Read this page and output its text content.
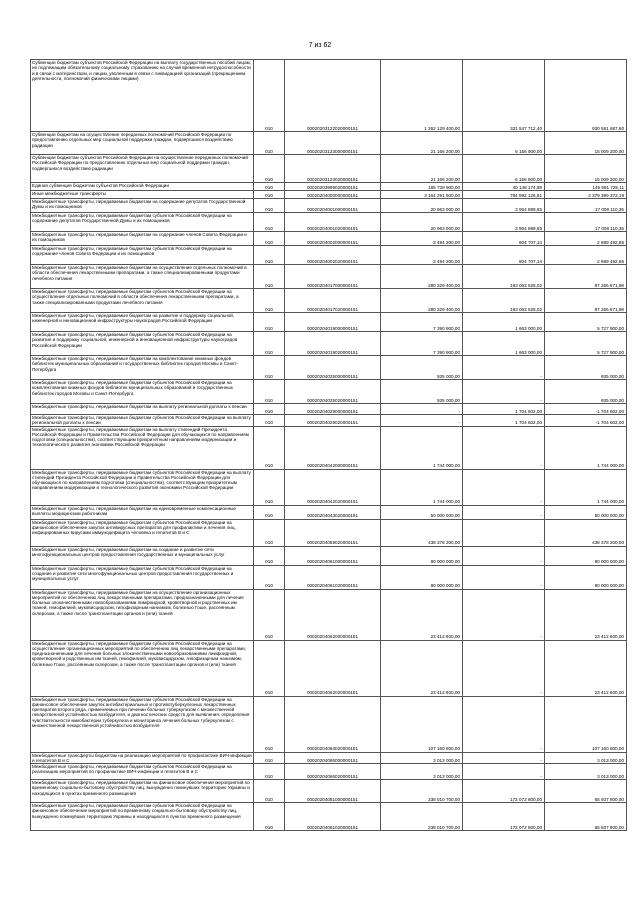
7 из 62
Субвенции бюджетам субъектов Российской Федерации на выплату государственных пособий лицам, не подлежащим обязательному социальному страхованию на случай временной нетрудоспособности и в связи с материнством, и лицам, уволенным в связи с ликвидацией организаций (прекращением деятельности, полномочий физическими лицами)	010	00020203122020000151	1 262 129 400,00	331 547 712,40	930 581 687,60
Субвенции бюджетам на осуществление переданных полномочий Российской Федерации по предоставлению отдельных мер социальной поддержки граждан, подвергшихся воздействию радиации	010	00020203123000000151	21 166 200,00	6 156 900,00	15 009 300,00
Субвенции бюджетам субъектов Российской Федерации на осуществление переданных полномочий Российской Федерации по предоставлению отдельных мер социальной поддержки граждан, подвергшихся воздействию радиации	010	00020203123020000151	21 166 200,00	6 156 900,00	15 009 300,00
Единая субвенция бюджетам субъектов Российской Федерации	010	00020203999020000151	185 739 900,00	40 148 174,89	145 591 725,11
Иные межбюджетные трансферты	010	00020204000000000151	3 164 291 500,00	784 892 126,81	2 379 399 373,19
Межбюджетные трансферты, передаваемые бюджетам на содержание депутатов Государственной Думы и их помощников	010	00020204001000000151	20 963 000,00	3 954 889,65	17 008 110,35
Межбюджетные трансферты, передаваемые бюджетам субъектов Российской Федерации на содержание депутатов Государственной Думы и их помощников	010	00020204001020000151	20 963 000,00	3 954 889,65	17 008 110,35
Межбюджетные трансферты, передаваемые бюджетам на содержание членов Совета Федерации и их помощников	010	00020204002000000151	3 494 200,00	804 707,14	2 689 492,86
Межбюджетные трансферты, передаваемые бюджетам субъектов Российской Федерации на содержание членов Совета Федерации и их помощников	010	00020204002020000151	3 494 200,00	804 707,14	2 689 492,86
Межбюджетные трансферты, передаваемые бюджетам на осуществление отдельных полномочий в области обеспечения лекарственными препаратами, а также специализированными продуктами лечебного питания	010	00020204017000000151	280 329 400,00	193 063 528,02	87 265 871,98
Межбюджетные трансферты, передаваемые бюджетам субъектов Российской Федерации на осуществление отдельных полномочий в области обеспечения лекарственными препаратами, а также специализированными продуктами лечебного питания	010	00020204017020000151	280 329 400,00	193 063 528,02	87 265 871,98
Межбюджетные трансферты, передаваемые бюджетам на развитие и поддержку социальной, инженерной и инновационной инфраструктуры наукоградов Российской Федерации	010	00020204019000000151	7 390 900,00	1 663 000,00	5 727 900,00
Межбюджетные трансферты, передаваемые бюджетам субъектов Российской Федерации на развитие и поддержку социальной, инженерной и инновационной инфраструктуры наукоградов Российской Федерации	010	00020204019020000151	7 390 900,00	1 663 000,00	5 727 900,00
Межбюджетные трансферты, передаваемые бюджетам на комплектование книжных фондов библиотек муниципальных образований и государственных библиотек городов Москвы и Санкт-Петербурга	010	00020204025000000151	935 000,00	-	935 000,00
Межбюджетные трансферты, передаваемые бюджетам субъектов Российской Федерации на комплектование книжных фондов библиотек муниципальных образований и государственных библиотек городов Москвы и Санкт-Петербурга	010	00020204025020000151	935 000,00	-	935 000,00
Межбюджетные трансферты, передаваемые бюджетам на выплату региональной доплаты к пенсии	010	00020204029000000151	-	1 704 602,00	-1 704 602,00
Межбюджетные трансферты, передаваемые бюджетам субъектов Российской Федерации на выплату региональной доплаты к пенсии	010	00020204029020000151	-	1 704 602,00	-1 704 602,00
Межбюджетные трансферты, передаваемые бюджетам на выплату стипендий Президента Российской Федерации и Правительства Российской Федерации для обучающихся по направлениям подготовки (специальностям), соответствующим приоритетным направлениям модернизации и технологического развития экономики Российской Федерации	010	00020204042000000151	1 744 000,00	-	1 744 000,00
Межбюджетные трансферты, передаваемые бюджетам субъектов Российской Федерации на выплату стипендий Президента Российской Федерации и Правительства Российской Федерации для обучающихся по направлениям подготовки (специальностям), соответствующим приоритетным направлениям модернизации и технологического развития экономики Российской Федерации	010	00020204042020000151	1 744 000,00	-	1 744 000,00
Межбюджетные трансферты, передаваемые бюджетам на единовременные компенсационные выплаты медицинским работникам	010	00020204043020000151	50 000 000,00	-	50 000 000,00
Межбюджетные трансферты, передаваемые бюджетам субъектов Российской Федерации на финансовое обеспечение закупок антивирусных препаратов для профилактики и лечения лиц, инфицированных вирусами иммунодефицита человека и гепатитов B и C	010	00020204059020000151	438 378 200,00	-	438 378 200,00
Межбюджетные трансферты, передаваемые бюджетам на создание и развитие сети многофункциональных центров предоставления государственных и муниципальных услуг	010	00020204061000000151	80 000 000,00	-	80 000 000,00
Межбюджетные трансферты, передаваемые бюджетам субъектов Российской Федерации на создание и развитие сети многофункциональных центров предоставления государственных и муниципальных услуг	010	00020204061020000151	80 000 000,00	-	80 000 000,00
Межбюджетные трансферты, передаваемые бюджетам на осуществление организационных мероприятий по обеспечению лиц лекарственными препаратами, предназначенными для лечения больных злокачественными новообразованиями лимфоидной, кроветворной и родственных им тканей, гемофилией, муковисцидозом, гипофизарным нанизмом, болезнью Гоше, рассеянным склерозом, а также после трансплантации органов и (или) тканей	010	00020204062000000151	23 412 600,00	-	23 412 600,00
Межбюджетные трансферты, передаваемые бюджетам субъектов Российской Федерации на осуществление организационных мероприятий по обеспечению лиц лекарственными препаратами, предназначенными для лечения больных злокачественными новообразованиями лимфоидной, кроветворной и родственных им тканей, гемофилией, муковисцидозом, гипофизарным нанизмом, болезнью Гоше, рассеянным склерозом, а также после трансплантации органов и (или) тканей	010	00020204062020000151	23 412 600,00	-	23 412 600,00
Межбюджетные трансферты, передаваемые бюджетам субъектов Российской Федерации на финансовое обеспечение закупок антибактериальных и противотуберкулезных лекарственных препаратов второго ряда, применяемых при лечении больных туберкулезом с множественной лекарственной устойчивостью возбудителя, и диагностических средств для выявления, определения чувствительности микобактерии туберкулеза и мониторинга лечения больных туберкулезом с множественной лекарственной устойчивостью возбудителя	010	00020204064020000151	107 160 800,00	-	107 160 800,00
Межбюджетные трансферты бюджетам на реализацию мероприятий по профилактике ВИЧ-инфекции и гепатитов B и C	010	00020204066000000151	3 013 000,00	-	3 013 000,00
Межбюджетные трансферты, передаваемые бюджетам субъектов Российской Федерации на реализацию мероприятий по профилактике ВИЧ-инфекции и гепатитов B и C	010	00020204066020000151	3 013 000,00	-	3 013 000,00
Межбюджетные трансферты, передаваемые бюджетам на финансовое обеспечение мероприятий по временному социально-бытовому обустройству лиц, вынужденно покинувших территорию Украины и находящихся в пунктах временного размещения	010	00020204081000000151	238 010 700,00	172 072 800,00	65 937 900,00
Межбюджетные трансферты, передаваемые бюджетам субъектов Российской Федерации на финансовое обеспечение мероприятий по временному социально-бытовому обустройству лиц, вынужденно покинувших территорию Украины и находящихся в пунктах временного размещения	010	00020204081020000151	238 010 700,00	172 072 800,00	65 937 900,00
